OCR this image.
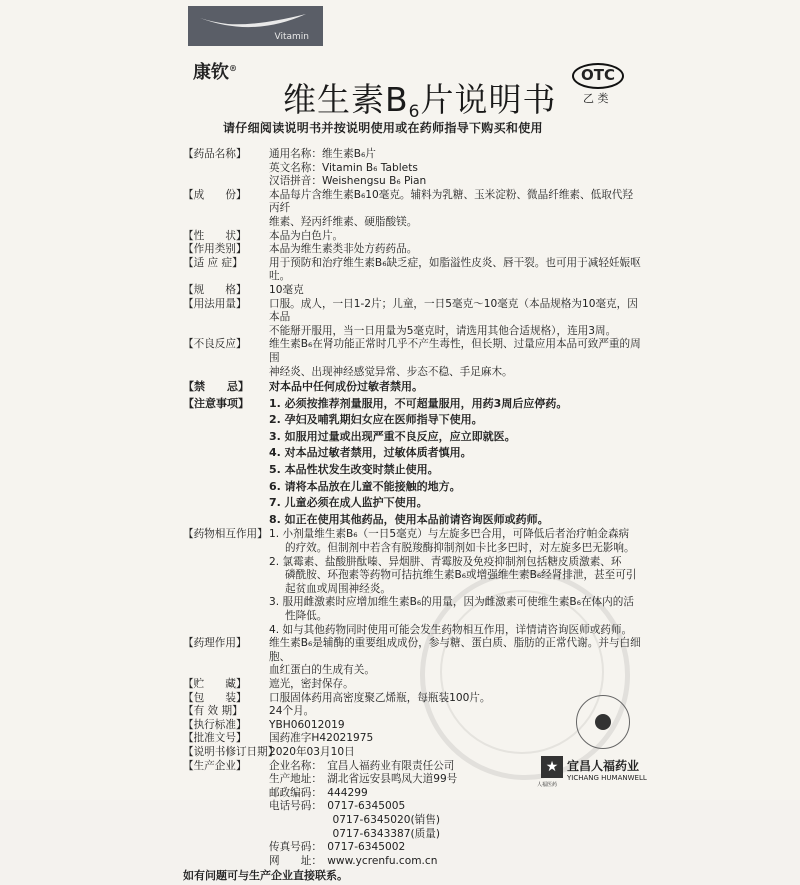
Vitamin
康钦®
维生素$B_6$片说明书
OTC
乙 类
请仔细阅读说明书并按说明使用或在药师指导下购买和使用
【药品名称】	通用名称：维生素B₆片
英文名称：Vitamin B₆ Tablets
汉语拼音：Weishengsu B₆ Pian
【成　　份】	本品每片含维生素B₆10毫克。辅料为乳糖、玉米淀粉、微晶纤维素、低取代羟丙纤
维素、羟丙纤维素、硬脂酸镁。
【性　　状】	本品为白色片。
【作用类别】	本品为维生素类非处方药药品。
【适 应 症】	用于预防和治疗维生素B₆缺乏症，如脂溢性皮炎、唇干裂。也可用于减轻妊娠呕吐。
【规　　格】	10毫克
【用法用量】	口服。成人，一日1-2片；儿童，一日5毫克～10毫克（本品规格为10毫克，因本品
不能掰开服用，当一日用量为5毫克时，请选用其他合适规格），连用3周。
【不良反应】	维生素B₆在肾功能正常时几乎不产生毒性，但长期、过量应用本品可致严重的周围
神经炎、出现神经感觉异常、步态不稳、手足麻木。
【禁　　忌】	对本品中任何成份过敏者禁用。
【注意事项】	1. 必须按推荐剂量服用，不可超量服用，用药3周后应停药。
2. 孕妇及哺乳期妇女应在医师指导下使用。
3. 如服用过量或出现严重不良反应，应立即就医。
4. 对本品过敏者禁用，过敏体质者慎用。
5. 本品性状发生改变时禁止使用。
6. 请将本品放在儿童不能接触的地方。
7. 儿童必须在成人监护下使用。
8. 如正在使用其他药品，使用本品前请咨询医师或药师。
【药物相互作用】 1. 小剂量维生素B₆（一日5毫克）与左旋多巴合用，可降低后者治疗帕金森病
的疗效。但制剂中若含有脱羧酶抑制剂如卡比多巴时，对左旋多巴无影响。
2. 氯霉素、盐酸肼酞嗪、异烟肼、青霉胺及免疫抑制剂包括糖皮质激素、环
磷酰胺、环孢素等药物可拮抗维生素B₆或增强维生素B₆经肾排泄，甚至可引
起贫血或周围神经炎。
3. 服用雌激素时应增加维生素B₆的用量，因为雌激素可使维生素B₆在体内的活
性降低。
4. 如与其他药物同时使用可能会发生药物相互作用，详情请咨询医师或药师。
【药理作用】	维生素B₆是辅酶的重要组成成份，参与糖、蛋白质、脂肪的正常代谢。并与白细胞、
血红蛋白的生成有关。
【贮　　藏】	遮光，密封保存。
【包　　装】	口服固体药用高密度聚乙烯瓶，每瓶装100片。
【有 效 期】	24个月。
【执行标准】	YBH06012019
【批准文号】	国药准字H42021975
【说明书修订日期】
2020年03月10日
【生产企业】	企业名称：　宜昌人福药业有限责任公司
生产地址：　湖北省远安县鸣凤大道99号
邮政编码：　444299
电话号码：　0717-6345005
　　　　　　0717-6345020(销售)
　　　　　　0717-6343387(质量)
传真号码：　0717-6345002
网　　址：　www.ycrenfu.com.cn
如有问题可与生产企业直接联系。
★ 宜昌人福药业
YICHANG HUMANWELL
人福医药
